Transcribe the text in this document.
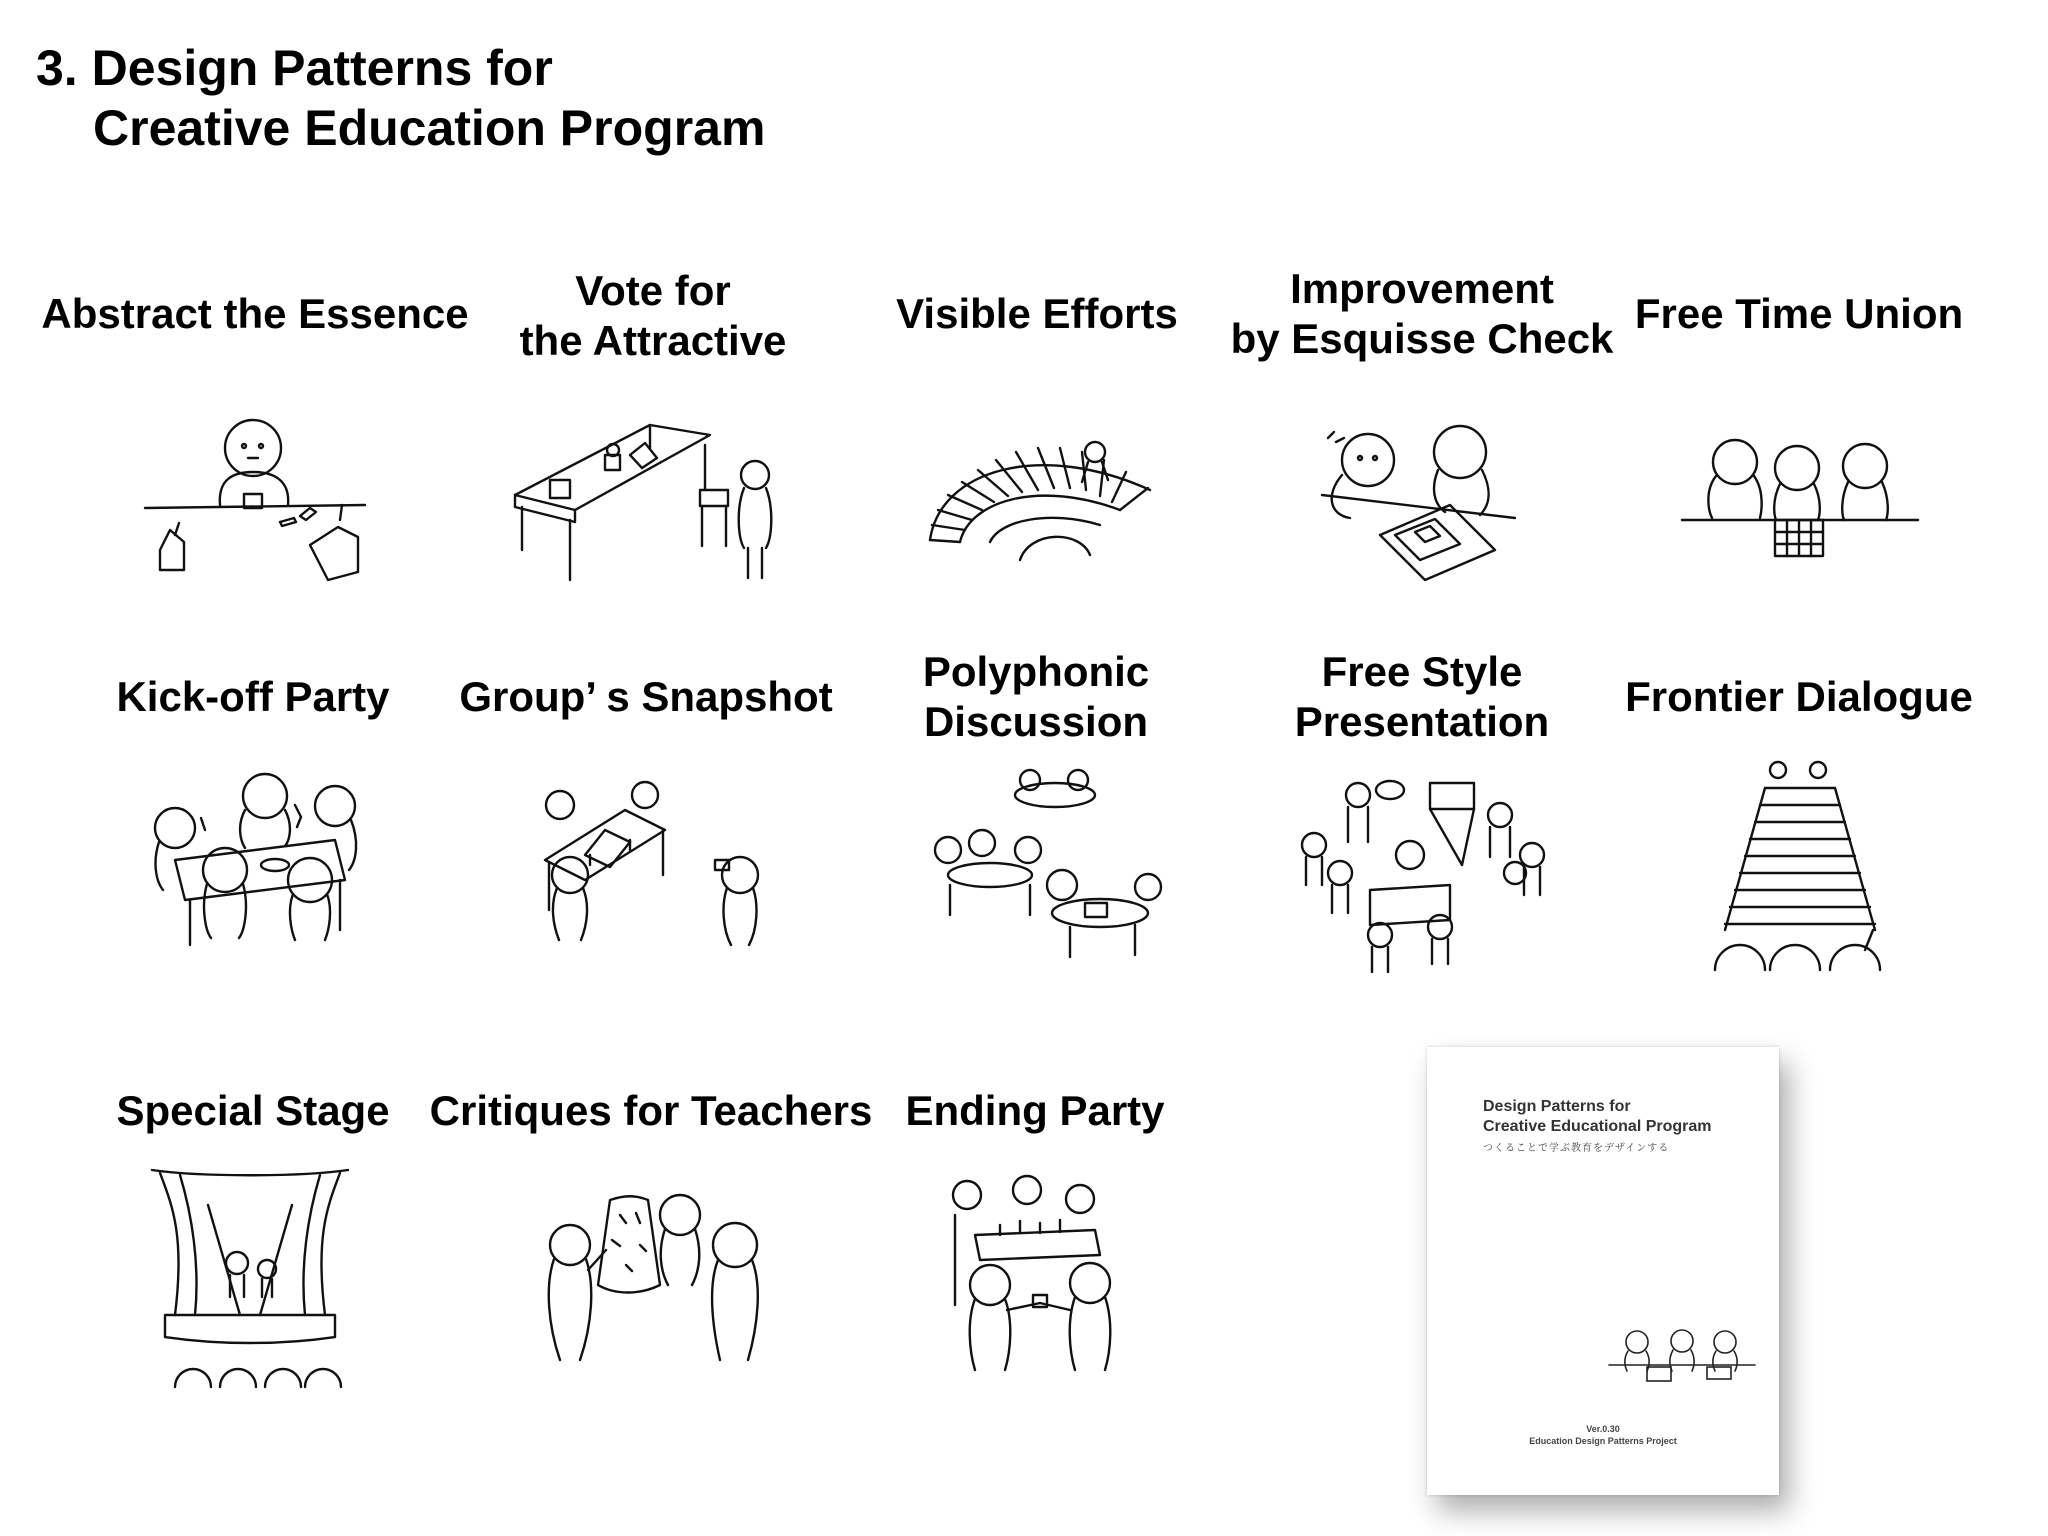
3. Design Patterns for
Creative Education Program
Abstract the Essence	Vote for
the Attractive
Visible Efforts
Improvement
by Esquisse Check
Free Time Union
Kick-off Party Group’ s Snapshot
Polyphonic
Discussion
Free Style
Presentation
Frontier Dialogue
Special Stage Critiques for Teachers Ending Party	Design Patterns for
Creative Educational Program
つくることで学ぶ教育をデザインする
Ver.0.30
Education Design Patterns Project
